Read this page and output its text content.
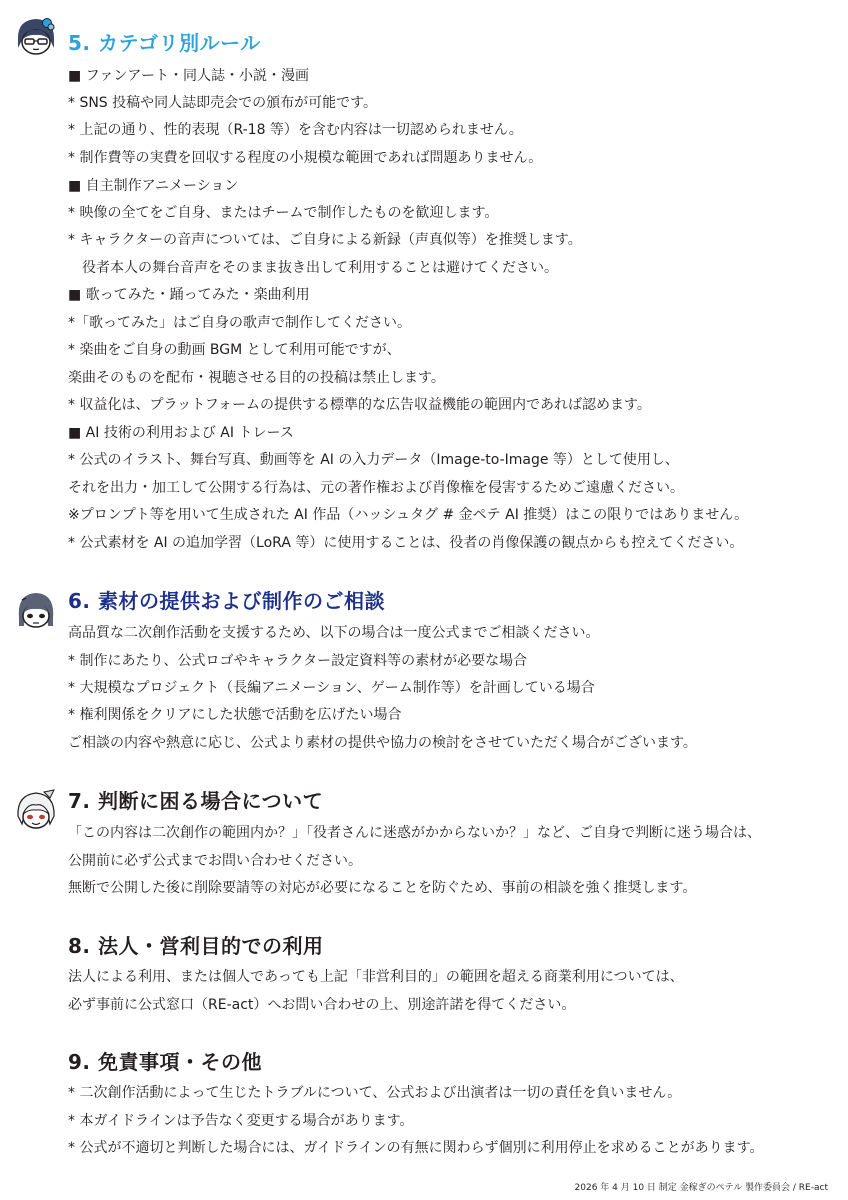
5. カテゴリ別ルール
■ ファンアート・同人誌・小説・漫画
* SNS 投稿や同人誌即売会での頒布が可能です。
* 上記の通り、性的表現（R-18 等）を含む内容は一切認められません。
* 制作費等の実費を回収する程度の小規模な範囲であれば問題ありません。
■ 自主制作アニメーション
* 映像の全てをご自身、またはチームで制作したものを歓迎します。
* キャラクターの音声については、ご自身による新録（声真似等）を推奨します。
　役者本人の舞台音声をそのまま抜き出して利用することは避けてください。
■ 歌ってみた・踊ってみた・楽曲利用
*「歌ってみた」はご自身の歌声で制作してください。
* 楽曲をご自身の動画 BGM として利用可能ですが、
楽曲そのものを配布・視聴させる目的の投稿は禁止します。
* 収益化は、プラットフォームの提供する標準的な広告収益機能の範囲内であれば認めます。
■ AI 技術の利用および AI トレース
* 公式のイラスト、舞台写真、動画等を AI の入力データ（Image-to-Image 等）として使用し、
それを出力・加工して公開する行為は、元の著作権および肖像権を侵害するためご遠慮ください。
※プロンプト等を用いて生成された AI 作品（ハッシュタグ # 金ペテ AI 推奨）はこの限りではありません。
* 公式素材を AI の追加学習（LoRA 等）に使用することは、役者の肖像保護の観点からも控えてください。
6. 素材の提供および制作のご相談
高品質な二次創作活動を支援するため、以下の場合は一度公式までご相談ください。
* 制作にあたり、公式ロゴやキャラクター設定資料等の素材が必要な場合
* 大規模なプロジェクト（長編アニメーション、ゲーム制作等）を計画している場合
* 権利関係をクリアにした状態で活動を広げたい場合
ご相談の内容や熱意に応じ、公式より素材の提供や協力の検討をさせていただく場合がございます。
7. 判断に困る場合について
「この内容は二次創作の範囲内か？」「役者さんに迷惑がかからないか？」など、ご自身で判断に迷う場合は、
公開前に必ず公式までお問い合わせください。
無断で公開した後に削除要請等の対応が必要になることを防ぐため、事前の相談を強く推奨します。
8. 法人・営利目的での利用
法人による利用、または個人であっても上記「非営利目的」の範囲を超える商業利用については、
必ず事前に公式窓口（RE-act）へお問い合わせの上、別途許諾を得てください。
9. 免責事項・その他
* 二次創作活動によって生じたトラブルについて、公式および出演者は一切の責任を負いません。
* 本ガイドラインは予告なく変更する場合があります。
* 公式が不適切と判断した場合には、ガイドラインの有無に関わらず個別に利用停止を求めることがあります。
2026 年 4 月 10 日 制定 金稼ぎのペテル 製作委員会 / RE-act
